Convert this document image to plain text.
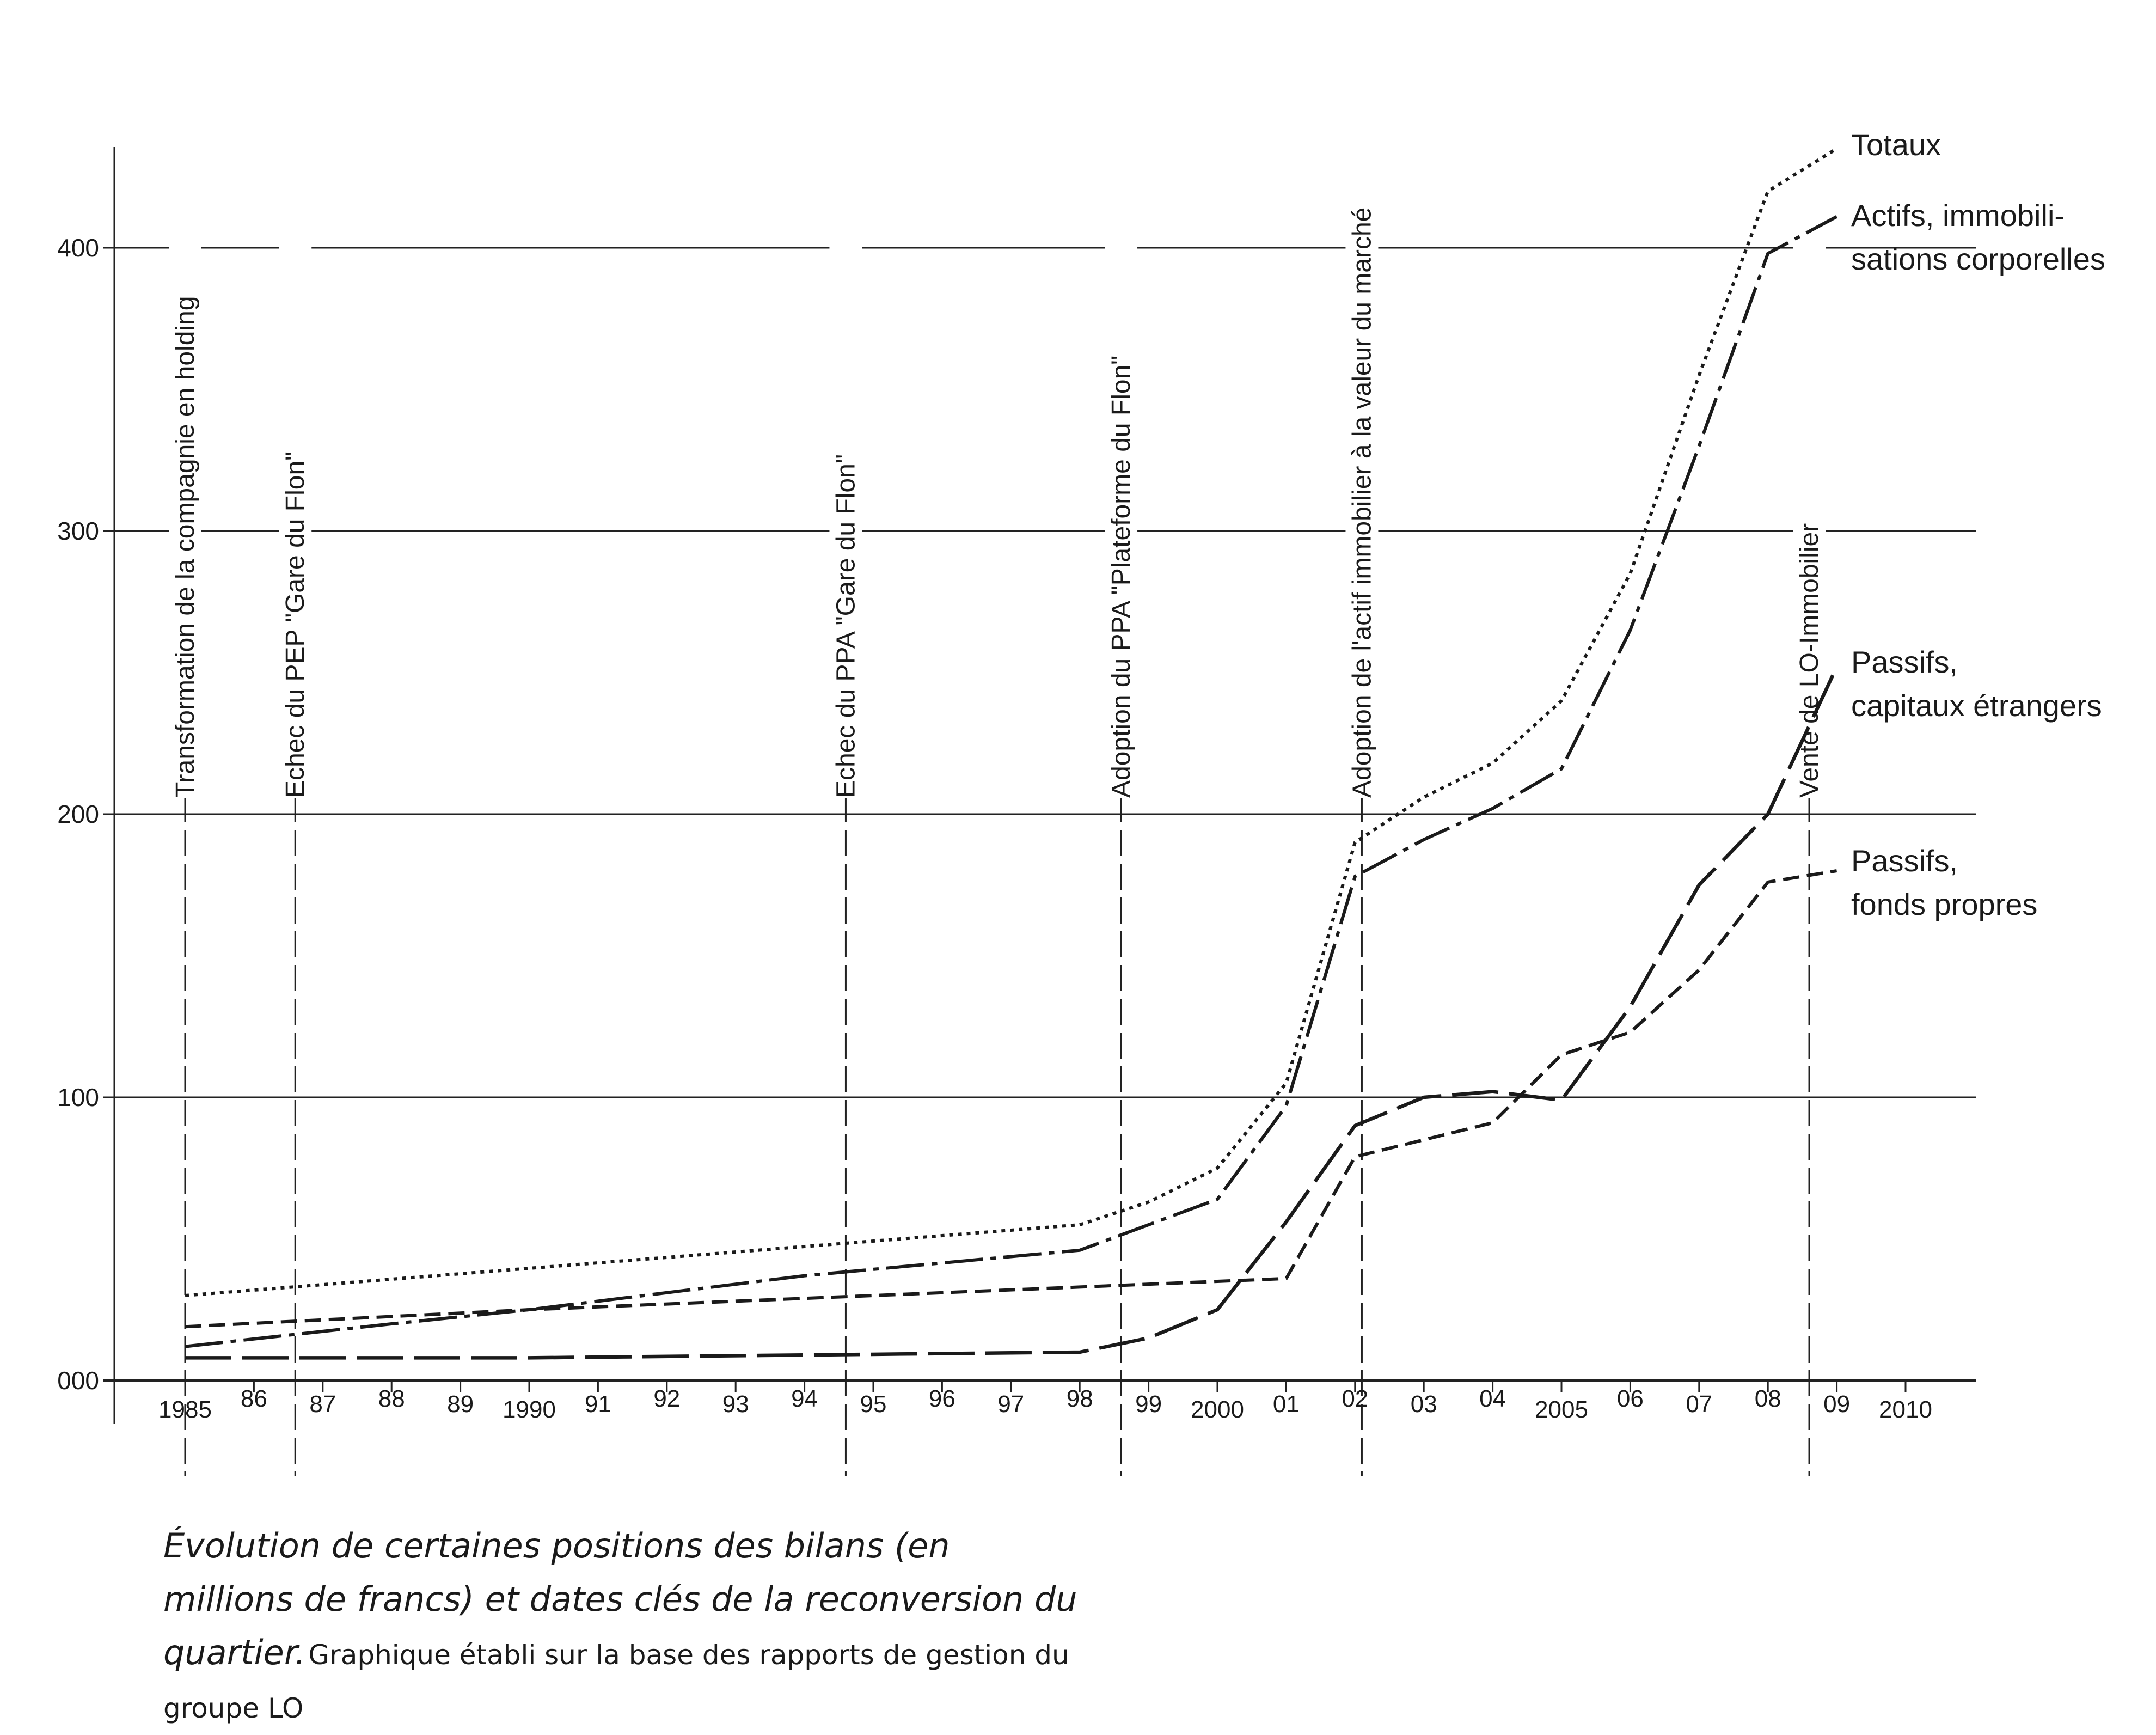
Transformation de la compagnie en holding	Echec du PEP "Gare du Flon"	Echec du PPA "Gare du Flon"	Adoption du PPA "Plateforme du Flon"	Adoption de l'actif immobilier à la valeur du marché	Vente de LO-Immobilier
000
100
200
300
400
1985 86 87 88 89 1990 91 92 93 94 95 96 97 98 99 2000 01 02 03 04 2005 06 07 08 09 2010
Totaux
Actifs, immobili-sations corporelles
Passifs, capitaux étrangers
Passifs, fonds propres
Évolution de certaines positions des bilans (en millions de francs) et dates clés de la reconversion du quartier. Graphique établi sur la base des rapports de gestion du groupe LO
